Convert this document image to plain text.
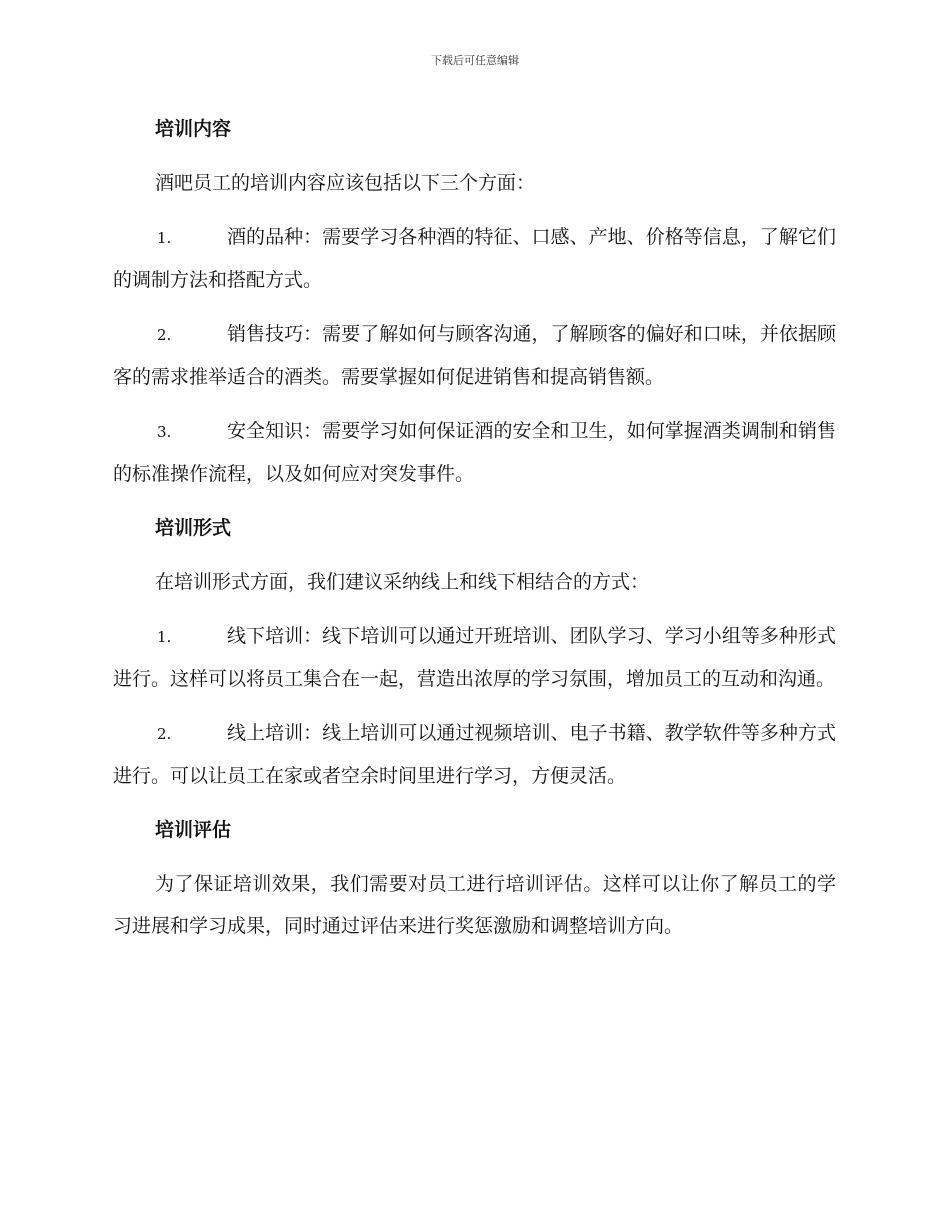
下载后可任意编辑
培训内容

酒吧员工的培训内容应该包括以下三个方面：

1.	酒的品种：需要学习各种酒的特征、口感、产地、价格等信息，了解它们的调制方法和搭配方式。

2.	销售技巧：需要了解如何与顾客沟通，了解顾客的偏好和口味，并依据顾客的需求推举适合的酒类。需要掌握如何促进销售和提高销售额。

3.	安全知识：需要学习如何保证酒的安全和卫生，如何掌握酒类调制和销售的标准操作流程，以及如何应对突发事件。

培训形式

在培训形式方面，我们建议采纳线上和线下相结合的方式：

1.	线下培训：线下培训可以通过开班培训、团队学习、学习小组等多种形式进行。这样可以将员工集合在一起，营造出浓厚的学习氛围，增加员工的互动和沟通。

2.	线上培训：线上培训可以通过视频培训、电子书籍、教学软件等多种方式进行。可以让员工在家或者空余时间里进行学习，方便灵活。

培训评估

为了保证培训效果，我们需要对员工进行培训评估。这样可以让你了解员工的学习进展和学习成果，同时通过评估来进行奖惩激励和调整培训方向。
